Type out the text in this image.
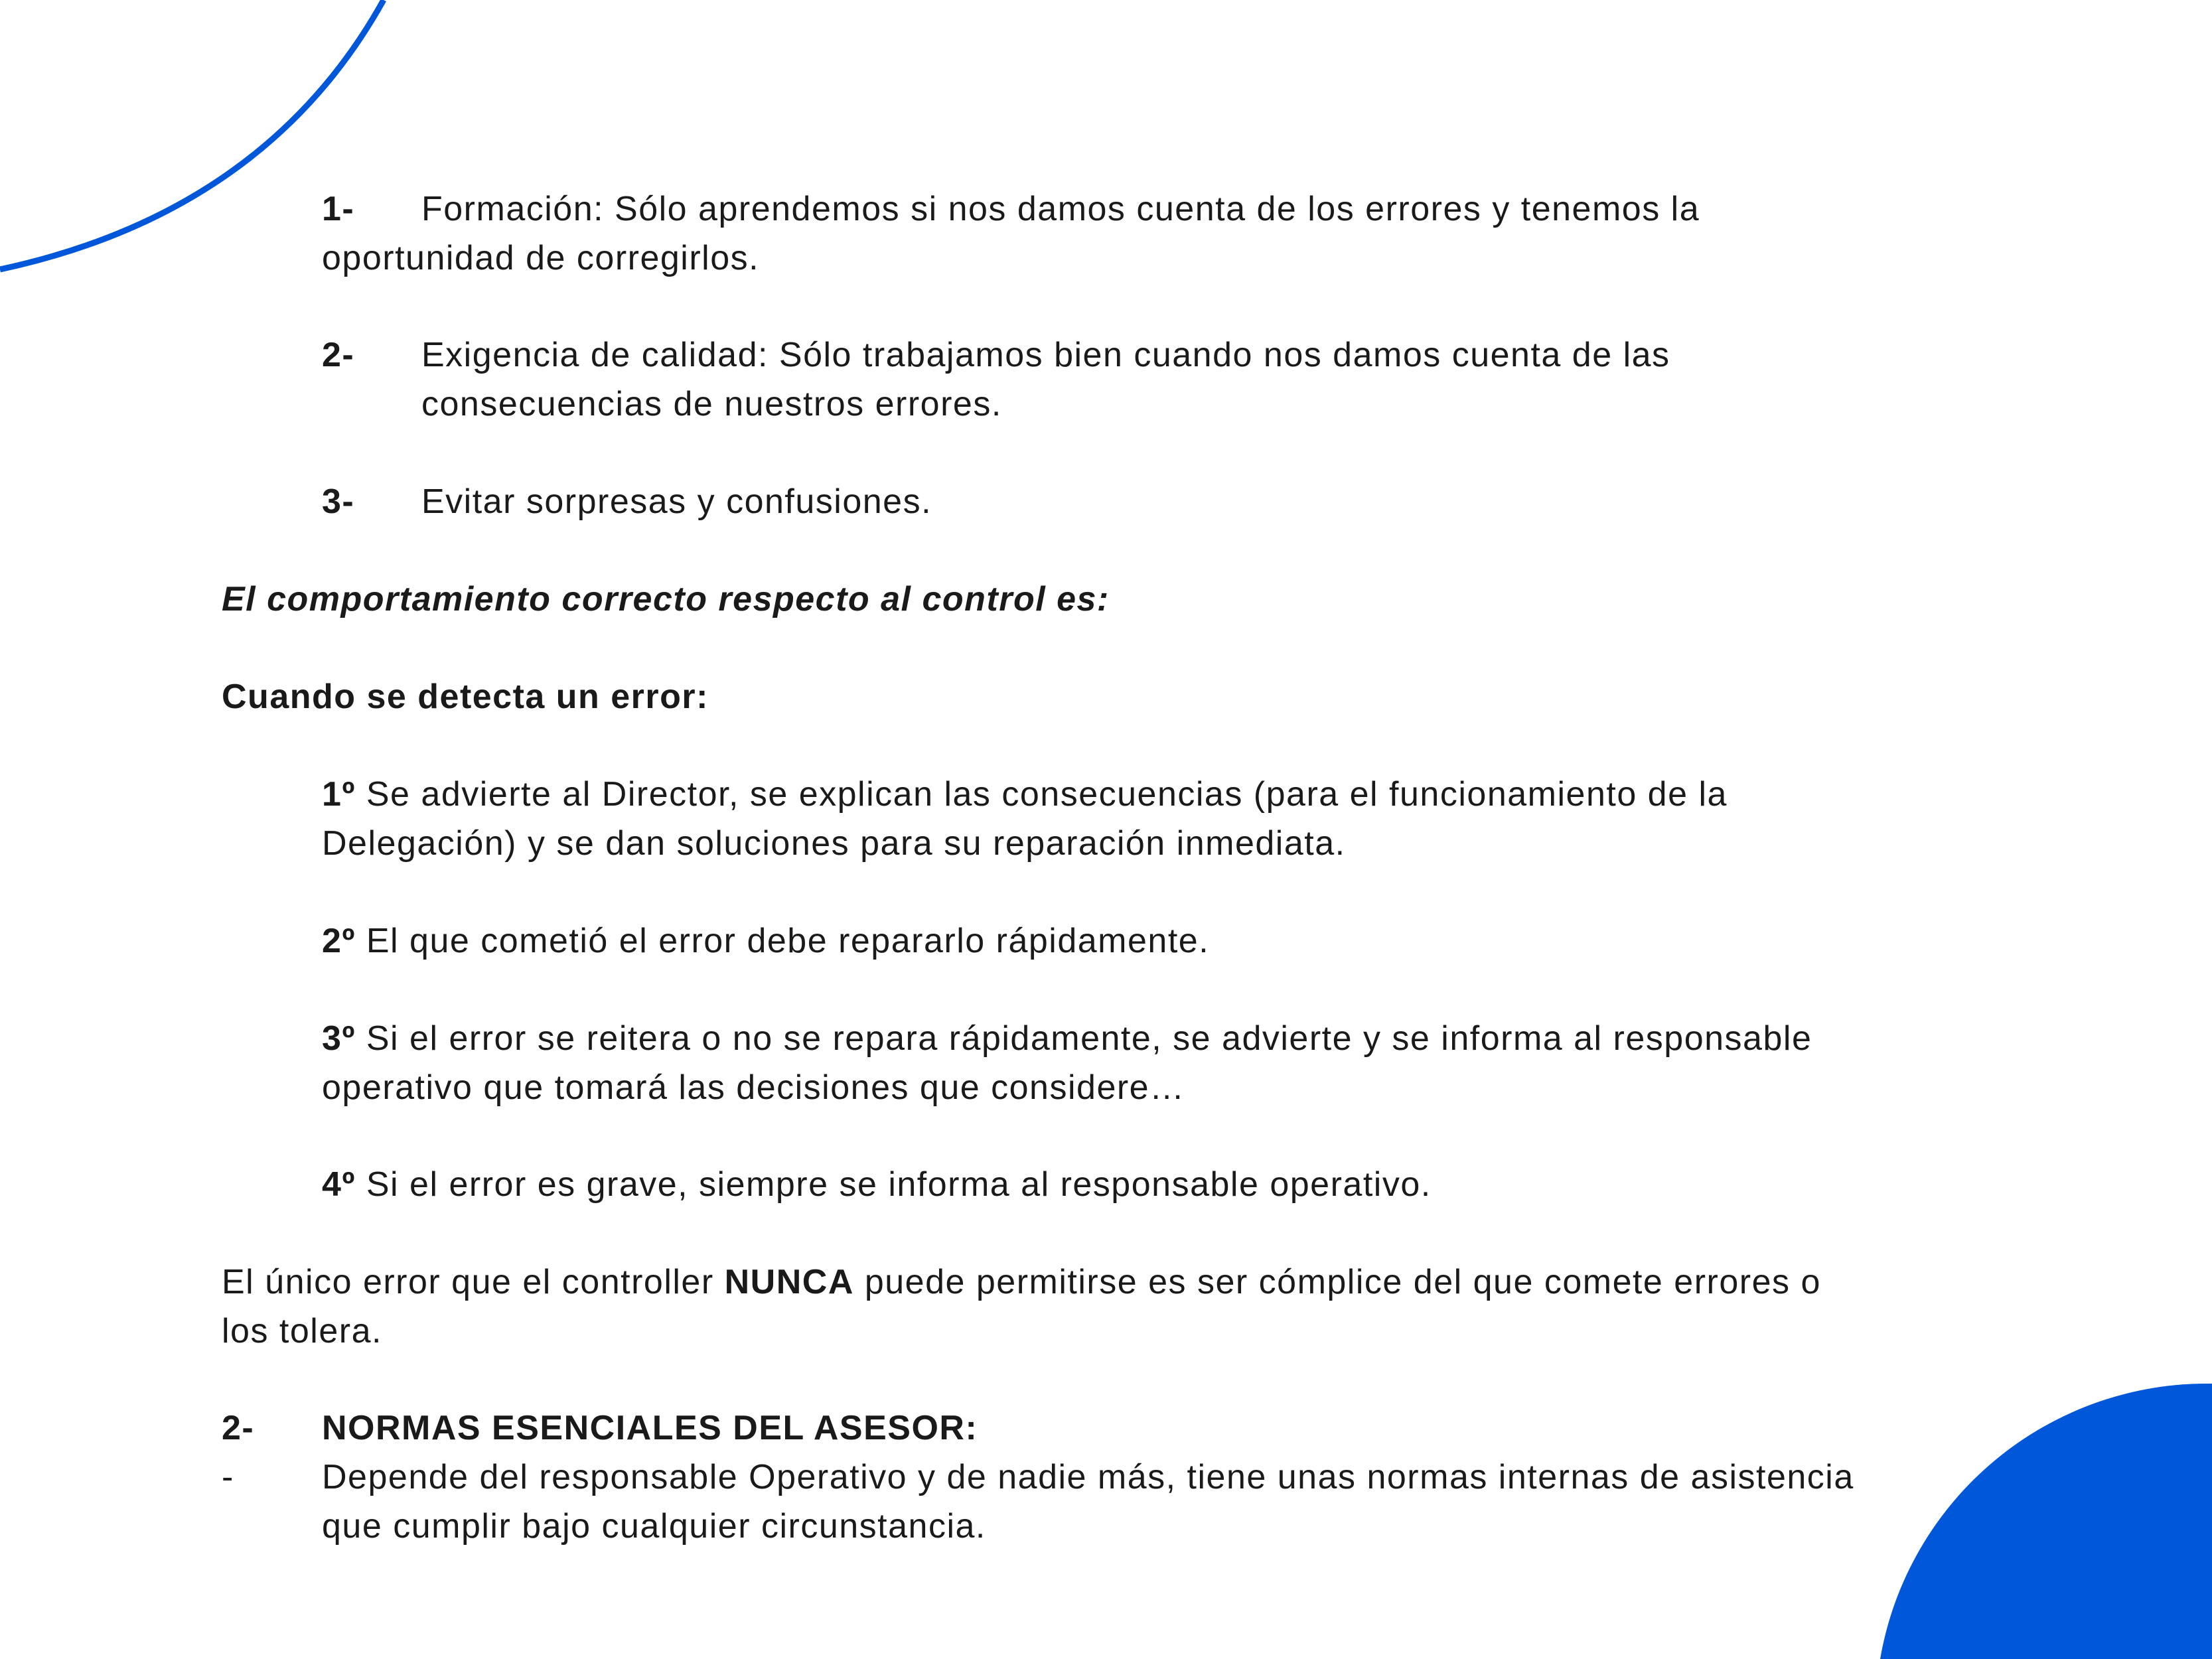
1- Formación: Sólo aprendemos si nos damos cuenta de los errores y tenemos la
oportunidad de corregirlos.
2- Exigencia de calidad: Sólo trabajamos bien cuando nos damos cuenta de las
consecuencias de nuestros errores.
3- Evitar sorpresas y confusiones.
El comportamiento correcto respecto al control es:
Cuando se detecta un error:
1º Se advierte al Director, se explican las consecuencias (para el funcionamiento de la
Delegación) y se dan soluciones para su reparación inmediata.
2º El que cometió el error debe repararlo rápidamente.
3º Si el error se reitera o no se repara rápidamente, se advierte y se informa al responsable
operativo que tomará las decisiones que considere…
4º Si el error es grave, siempre se informa al responsable operativo.
El único error que el controller NUNCA puede permitirse es ser cómplice del que comete errores o
los tolera.
2- NORMAS ESENCIALES DEL ASESOR:
-	Depende del responsable Operativo y de nadie más, tiene unas normas internas de asistencia
que cumplir bajo cualquier circunstancia.
